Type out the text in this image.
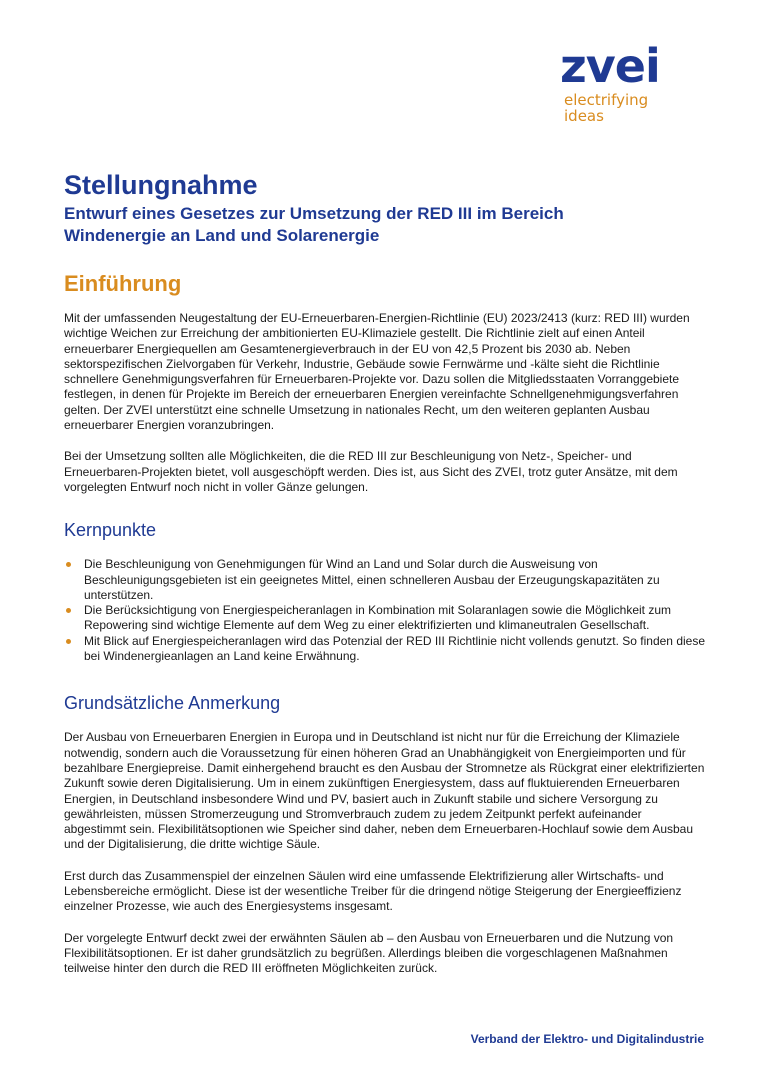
zvei
electrifying
ideas
Stellungnahme
Entwurf eines Gesetzes zur Umsetzung der RED III im Bereich
Windenergie an Land und Solarenergie
Einführung

Mit der umfassenden Neugestaltung der EU-Erneuerbaren-Energien-Richtlinie (EU) 2023/2413 (kurz: RED III) wurden wichtige Weichen zur Erreichung der ambitionierten EU-Klimaziele gestellt. Die Richtlinie zielt auf einen Anteil erneuerbarer Energiequellen am Gesamtenergieverbrauch in der EU von 42,5 Prozent bis 2030 ab. Neben sektorspezifischen Zielvorgaben für Verkehr, Industrie, Gebäude sowie Fernwärme und -kälte sieht die Richtlinie schnellere Genehmigungsverfahren für Erneuerbaren-Projekte vor. Dazu sollen die Mitgliedsstaaten Vorranggebiete festlegen, in denen für Projekte im Bereich der erneuerbaren Energien vereinfachte Schnellgenehmigungsverfahren gelten. Der ZVEI unterstützt eine schnelle Umsetzung in nationales Recht, um den weiteren geplanten Ausbau erneuerbarer Energien voranzubringen.

Bei der Umsetzung sollten alle Möglichkeiten, die die RED III zur Beschleunigung von Netz-, Speicher- und Erneuerbaren-Projekten bietet, voll ausgeschöpft werden. Dies ist, aus Sicht des ZVEI, trotz guter Ansätze, mit dem vorgelegten Entwurf noch nicht in voller Gänze gelungen.

Kernpunkte
Die Beschleunigung von Genehmigungen für Wind an Land und Solar durch die Ausweisung von Beschleunigungsgebieten ist ein geeignetes Mittel, einen schnelleren Ausbau der Erzeugungskapazitäten zu unterstützen.
Die Berücksichtigung von Energiespeicheranlagen in Kombination mit Solaranlagen sowie die Möglichkeit zum Repowering sind wichtige Elemente auf dem Weg zu einer elektrifizierten und klimaneutralen Gesellschaft.
Mit Blick auf Energiespeicheranlagen wird das Potenzial der RED III Richtlinie nicht vollends genutzt. So finden diese bei Windenergieanlagen an Land keine Erwähnung.
Grundsätzliche Anmerkung

Der Ausbau von Erneuerbaren Energien in Europa und in Deutschland ist nicht nur für die Erreichung der Klimaziele notwendig, sondern auch die Voraussetzung für einen höheren Grad an Unabhängigkeit von Energieimporten und für bezahlbare Energiepreise. Damit einhergehend braucht es den Ausbau der Stromnetze als Rückgrat einer elektrifizierten Zukunft sowie deren Digitalisierung. Um in einem zukünftigen Energiesystem, dass auf fluktuierenden Erneuerbaren Energien, in Deutschland insbesondere Wind und PV, basiert auch in Zukunft stabile und sichere Versorgung zu gewährleisten, müssen Stromerzeugung und Stromverbrauch zudem zu jedem Zeitpunkt perfekt aufeinander abgestimmt sein. Flexibilitätsoptionen wie Speicher sind daher, neben dem Erneuerbaren-Hochlauf sowie dem Ausbau und der Digitalisierung, die dritte wichtige Säule.

Erst durch das Zusammenspiel der einzelnen Säulen wird eine umfassende Elektrifizierung aller Wirtschafts- und Lebensbereiche ermöglicht. Diese ist der wesentliche Treiber für die dringend nötige Steigerung der Energieeffizienz einzelner Prozesse, wie auch des Energiesystems insgesamt.

Der vorgelegte Entwurf deckt zwei der erwähnten Säulen ab – den Ausbau von Erneuerbaren und die Nutzung von Flexibilitätsoptionen. Er ist daher grundsätzlich zu begrüßen. Allerdings bleiben die vorgeschlagenen Maßnahmen teilweise hinter den durch die RED III eröffneten Möglichkeiten zurück.

Verband der Elektro- und Digitalindustrie
